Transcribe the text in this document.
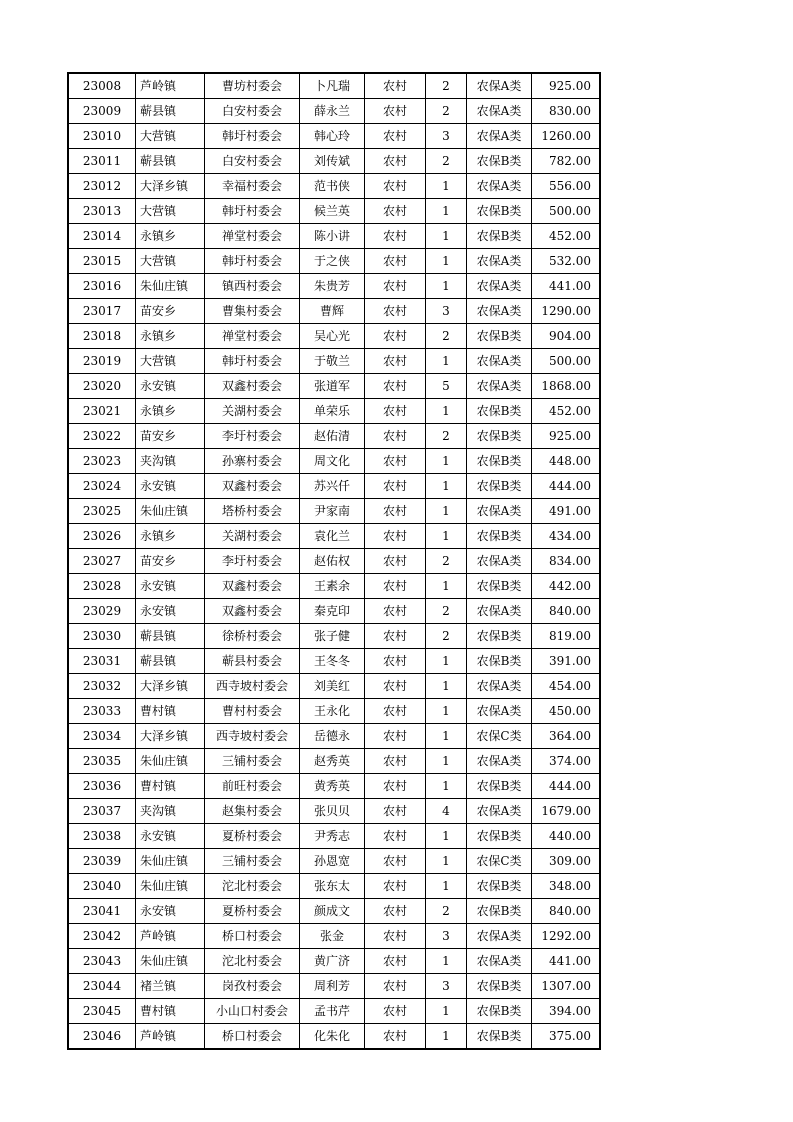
23008	芦岭镇	曹坊村委会	卜凡瑞	农村	2	农保A类	925.00
23009	蕲县镇	白安村委会	薛永兰	农村	2	农保A类	830.00
23010	大营镇	韩圩村委会	韩心玲	农村	3	农保A类	1260.00
23011	蕲县镇	白安村委会	刘传斌	农村	2	农保B类	782.00
23012	大泽乡镇	幸福村委会	范书侠	农村	1	农保A类	556.00
23013	大营镇	韩圩村委会	候兰英	农村	1	农保B类	500.00
23014	永镇乡	禅堂村委会	陈小讲	农村	1	农保B类	452.00
23015	大营镇	韩圩村委会	于之侠	农村	1	农保A类	532.00
23016	朱仙庄镇	镇西村委会	朱贵芳	农村	1	农保A类	441.00
23017	苗安乡	曹集村委会	曹辉	农村	3	农保A类	1290.00
23018	永镇乡	禅堂村委会	吴心光	农村	2	农保B类	904.00
23019	大营镇	韩圩村委会	于敬兰	农村	1	农保A类	500.00
23020	永安镇	双鑫村委会	张道军	农村	5	农保A类	1868.00
23021	永镇乡	关湖村委会	单荣乐	农村	1	农保B类	452.00
23022	苗安乡	李圩村委会	赵佑清	农村	2	农保B类	925.00
23023	夹沟镇	孙寨村委会	周文化	农村	1	农保B类	448.00
23024	永安镇	双鑫村委会	苏兴仟	农村	1	农保B类	444.00
23025	朱仙庄镇	塔桥村委会	尹家南	农村	1	农保A类	491.00
23026	永镇乡	关湖村委会	袁化兰	农村	1	农保B类	434.00
23027	苗安乡	李圩村委会	赵佑权	农村	2	农保A类	834.00
23028	永安镇	双鑫村委会	王素余	农村	1	农保B类	442.00
23029	永安镇	双鑫村委会	秦克印	农村	2	农保A类	840.00
23030	蕲县镇	徐桥村委会	张子健	农村	2	农保B类	819.00
23031	蕲县镇	蕲县村委会	王冬冬	农村	1	农保B类	391.00
23032	大泽乡镇	西寺坡村委会	刘美红	农村	1	农保A类	454.00
23033	曹村镇	曹村村委会	王永化	农村	1	农保A类	450.00
23034	大泽乡镇	西寺坡村委会	岳德永	农村	1	农保C类	364.00
23035	朱仙庄镇	三铺村委会	赵秀英	农村	1	农保A类	374.00
23036	曹村镇	前旺村委会	黄秀英	农村	1	农保B类	444.00
23037	夹沟镇	赵集村委会	张贝贝	农村	4	农保A类	1679.00
23038	永安镇	夏桥村委会	尹秀志	农村	1	农保B类	440.00
23039	朱仙庄镇	三铺村委会	孙恩宽	农村	1	农保C类	309.00
23040	朱仙庄镇	沱北村委会	张东太	农村	1	农保B类	348.00
23041	永安镇	夏桥村委会	颜成文	农村	2	农保B类	840.00
23042	芦岭镇	桥口村委会	张金	农村	3	农保A类	1292.00
23043	朱仙庄镇	沱北村委会	黄广济	农村	1	农保A类	441.00
23044	褚兰镇	岗孜村委会	周利芳	农村	3	农保B类	1307.00
23045	曹村镇	小山口村委会	孟书芹	农村	1	农保B类	394.00
23046	芦岭镇	桥口村委会	化朱化	农村	1	农保B类	375.00
